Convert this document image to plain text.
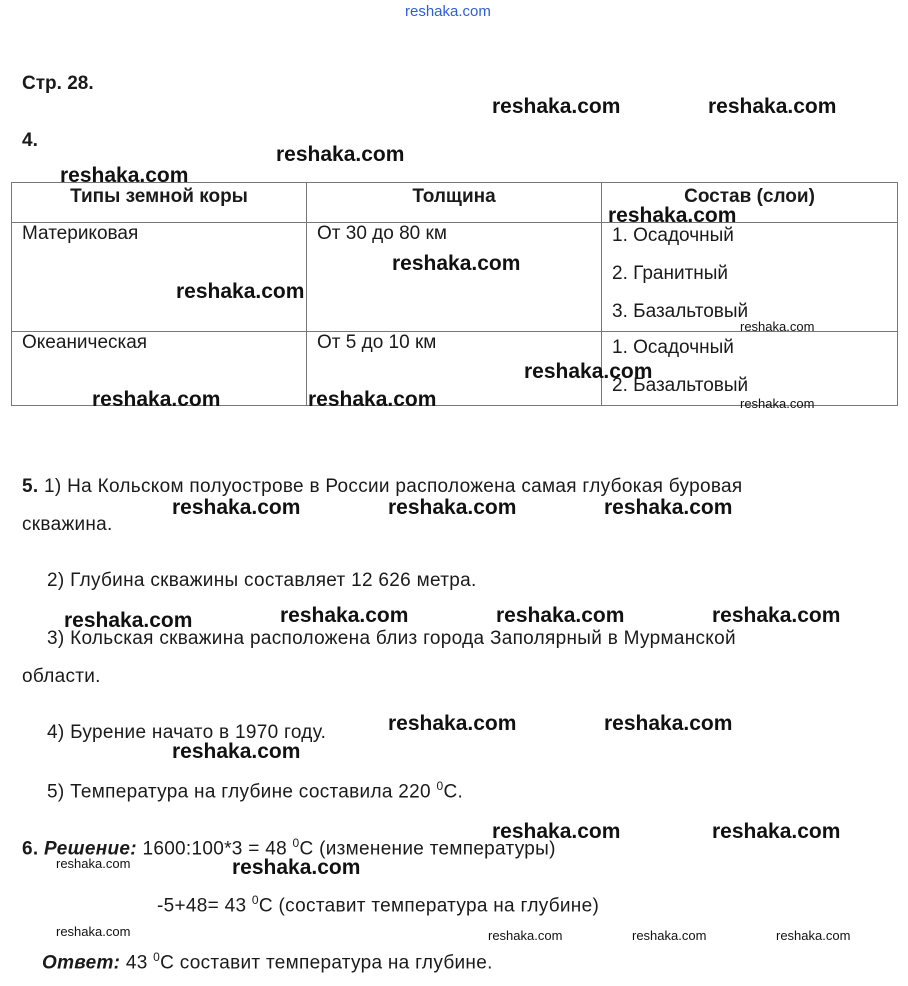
reshaka.com
Стр. 28.
4.
Типы земной коры	Толщина	Состав (слои)
Материковая	От 30 до 80 км	1. Осадочный
2. Гранитный
3. Базальтовый

Океаническая	От 5 до 10 км	1. Осадочный
2. Базальтовый
5. 1) На Кольском полуострове в России расположена самая глубокая буровая
скважина.
2) Глубина скважины составляет 12 626 метра.
3) Кольская скважина расположена близ города Заполярный в Мурманской
области.
4) Бурение начато в 1970 году.
5) Температура на глубине составила 220 $^0$С.
6. Решение: 1600:100*3 = 48 $^0$С (изменение температуры)
-5+48= 43 $^0$С (составит температура на глубине)
Ответ: 43 $^0$С составит температура на глубине.
reshaka.com	reshaka.com
reshaka.com
reshaka.com
reshaka.com
reshaka.com
reshaka.com
reshaka.com
reshaka.com	reshaka.com
reshaka.com	reshaka.com	reshaka.com
reshaka.com	reshaka.com	reshaka.com	reshaka.com
reshaka.com	reshaka.com
reshaka.com
reshaka.com	reshaka.com
reshaka.com
reshaka.com
reshaka.com
reshaka.com
reshaka.com	reshaka.com	reshaka.com	reshaka.com
